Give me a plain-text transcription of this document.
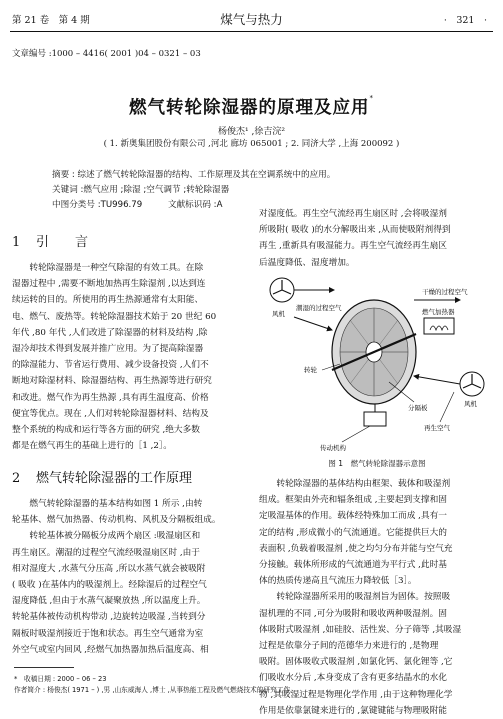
第 21 卷　第 4 期	煤气与热力	·　321　·
文章编号 :1000 – 4416( 2001 )04 – 0321 – 03
燃气转轮除湿器的原理及应用*
杨俊杰¹ ,徐吉浣²
( 1. 新奥集团股份有限公司 ,河北 廊坊 065001 ; 2. 同济大学 ,上海 200092 )
摘要 : 综述了燃气转轮除湿器的结构、工作原理及其在空调系统中的应用。
关键词 :燃气应用 ;除湿 ;空气调节 ;转轮除湿器
中图分类号 :TU996.79　　　文献标识码 :A
1 引　　言
　　转轮除湿器是一种空气除湿的有效工具。在除
湿器过程中 ,需要不断地加热再生除湿剂 ,以达到连
续运转的目的。所使用的再生热源通常有太阳能、
电、燃气、废热等。转轮除湿器技术始于 20 世纪 60
年代 ,80 年代 ,人们改进了除湿器的材料及结构 ,除
湿冷却技术得到发展并推广应用。为了提高除湿器
的除湿能力、节省运行费用、减少设备投资 ,人们不
断地对除湿材料、除湿器结构、再生热源等进行研究
和改进。燃气作为再生热源 ,具有再生温度高、价格
便宜等优点。现在 ,人们对转轮除湿器材料、结构及
整个系统的构成和运行等各方面的研究 ,绝大多数
都是在燃气再生的基础上进行的［1 ,2］。
2 燃气转轮除湿器的工作原理
　　燃气转轮除湿器的基本结构如图 1 所示 ,由转
轮基体、燃气加热器、传动机构、风机及分隔板组成。
　　转轮基体被分隔板分成两个扇区 :吸湿扇区和
再生扇区。潮湿的过程空气流经吸湿扇区时 ,由于
相对湿度大 ,水蒸气分压高 ,所以水蒸气就会被吸附
( 吸收 )在基体内的吸湿剂上。经除湿后的过程空气
湿度降低 ,但由于水蒸气凝聚放热 ,所以温度上升。
转轮基体被传动机构带动 ,边旋转边吸湿 ,当转到分
隔板时吸湿剂接近于饱和状态。再生空气通常为室
外空气或室内回风 ,经燃气加热器加热后温度高、相
对湿度低。再生空气流经再生扇区时 ,会将吸湿剂
所吸附( 吸收 )的水分解吸出来 ,从而使吸附剂得到
再生 ,重新具有吸湿能力。再生空气流经再生扇区
后温度降低、湿度增加。
风机
干燥的过程空气
潮湿的过程空气
转轮
燃气加热器
风机
分隔板
再生空气
传动机构
图 1　燃气转轮除湿器示意图
　　转轮除湿器的基体结构由框架、载体和吸湿剂
组成。框架由外壳和辐条组成 ,主要起到支撑和固
定吸湿基体的作用。载体经特殊加工而成 ,具有一
定的结构 ,形成微小的气流通道。它能提供巨大的
表面积 ,负载着吸湿剂 ,使之均匀分布并能与空气充
分接触。载体所形成的气流通道为平行式 ,此时基
体的热质传递高且气流压力降较低［3］。
　　转轮除湿器所采用的吸湿剂旨为固体。按照吸
湿机理的不同 ,可分为吸附和吸收两种吸湿剂。固
体吸附式吸湿剂 ,如硅胶、活性炭、分子筛等 ,其吸湿
过程是依靠分子间的范德华力来进行的 ,是物理
吸附。固体吸收式吸湿剂 ,如氯化钙、氯化锂等 ,它
们吸收水分后 ,本身变成了含有更多结晶水的水化
物 ,其吸湿过程是物理化学作用 ,由于这种物理化学
作用是依靠氯键来进行的 ,氯键键能与物理吸附能
*　收稿日期 : 2000 – 06 – 23
作者简介 : 杨俊杰( 1971 – ) ,男 ,山东威海人 ,博士 ,从事热能工程及燃气燃烧技术的研究工作。
